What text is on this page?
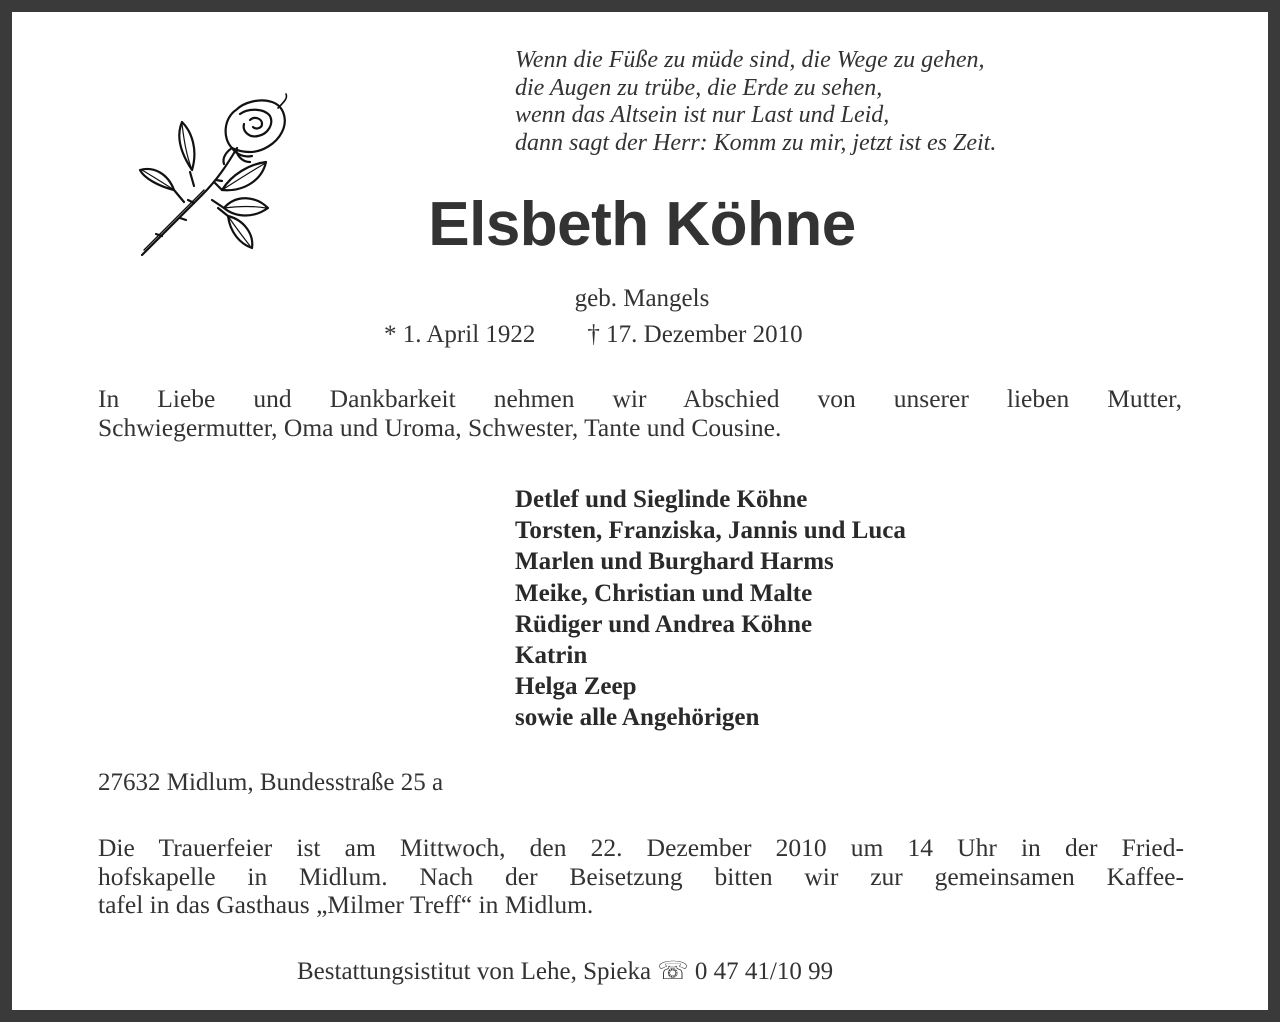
Wenn die Füße zu müde sind, die Wege zu gehen,
die Augen zu trübe, die Erde zu sehen,
wenn das Altsein ist nur Last und Leid,
dann sagt der Herr: Komm zu mir, jetzt ist es Zeit.
Elsbeth Köhne
geb. Mangels
* 1. April 1922 † 17. Dezember 2010
In Liebe und Dankbarkeit nehmen wir Abschied von unserer lieben Mutter,
Schwiegermutter, Oma und Uroma, Schwester, Tante und Cousine.
Detlef und Sieglinde Köhne
Torsten, Franziska, Jannis und Luca
Marlen und Burghard Harms
Meike, Christian und Malte
Rüdiger und Andrea Köhne
Katrin
Helga Zeep
sowie alle Angehörigen
27632 Midlum, Bundesstraße 25 a
Die Trauerfeier ist am Mittwoch, den 22. Dezember 2010 um 14 Uhr in der Fried-
hofskapelle in Midlum. Nach der Beisetzung bitten wir zur gemeinsamen Kaffee-
tafel in das Gasthaus „Milmer Treff“ in Midlum.
Bestattungsistitut von Lehe, Spieka ☏ 0 47 41/10 99
